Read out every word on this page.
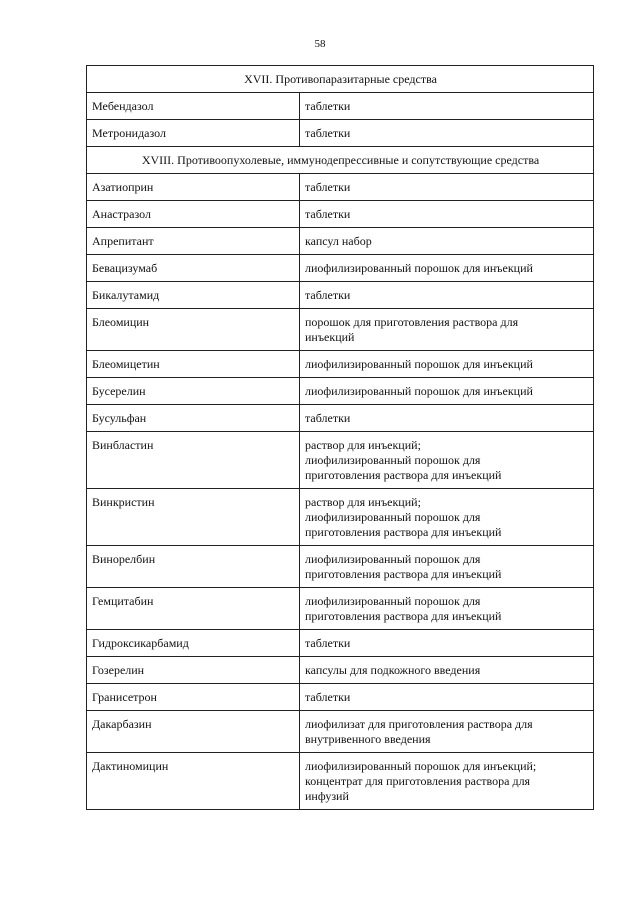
58
XVII. Противопаразитарные средства	
Мебендазол	таблетки

Метронидазол	таблетки

XVIII. Противоопухолевые, иммунодепрессивные и сопутствующие средства	
Азатиоприн	таблетки

Анастразол	таблетки

Апрепитант	капсул набор

Бевацизумаб	лиофилизированный порошок для инъекций

Бикалутамид	таблетки

Блеомицин	порошок для приготовления раствора для
инъекций

Блеомицетин	лиофилизированный порошок для инъекций

Бусерелин	лиофилизированный порошок для инъекций

Бусульфан	таблетки

Винбластин	раствор для инъекций;
лиофилизированный порошок для
приготовления раствора для инъекций

Винкристин	раствор для инъекций;
лиофилизированный порошок для
приготовления раствора для инъекций

Винорелбин	лиофилизированный порошок для
приготовления раствора для инъекций

Гемцитабин	лиофилизированный порошок для
приготовления раствора для инъекций

Гидроксикарбамид	таблетки

Гозерелин	капсулы для подкожного введения

Гранисетрон	таблетки

Дакарбазин	лиофилизат для приготовления раствора для
внутривенного введения

Дактиномицин	лиофилизированный порошок для инъекций;
концентрат для приготовления раствора для
инфузий
